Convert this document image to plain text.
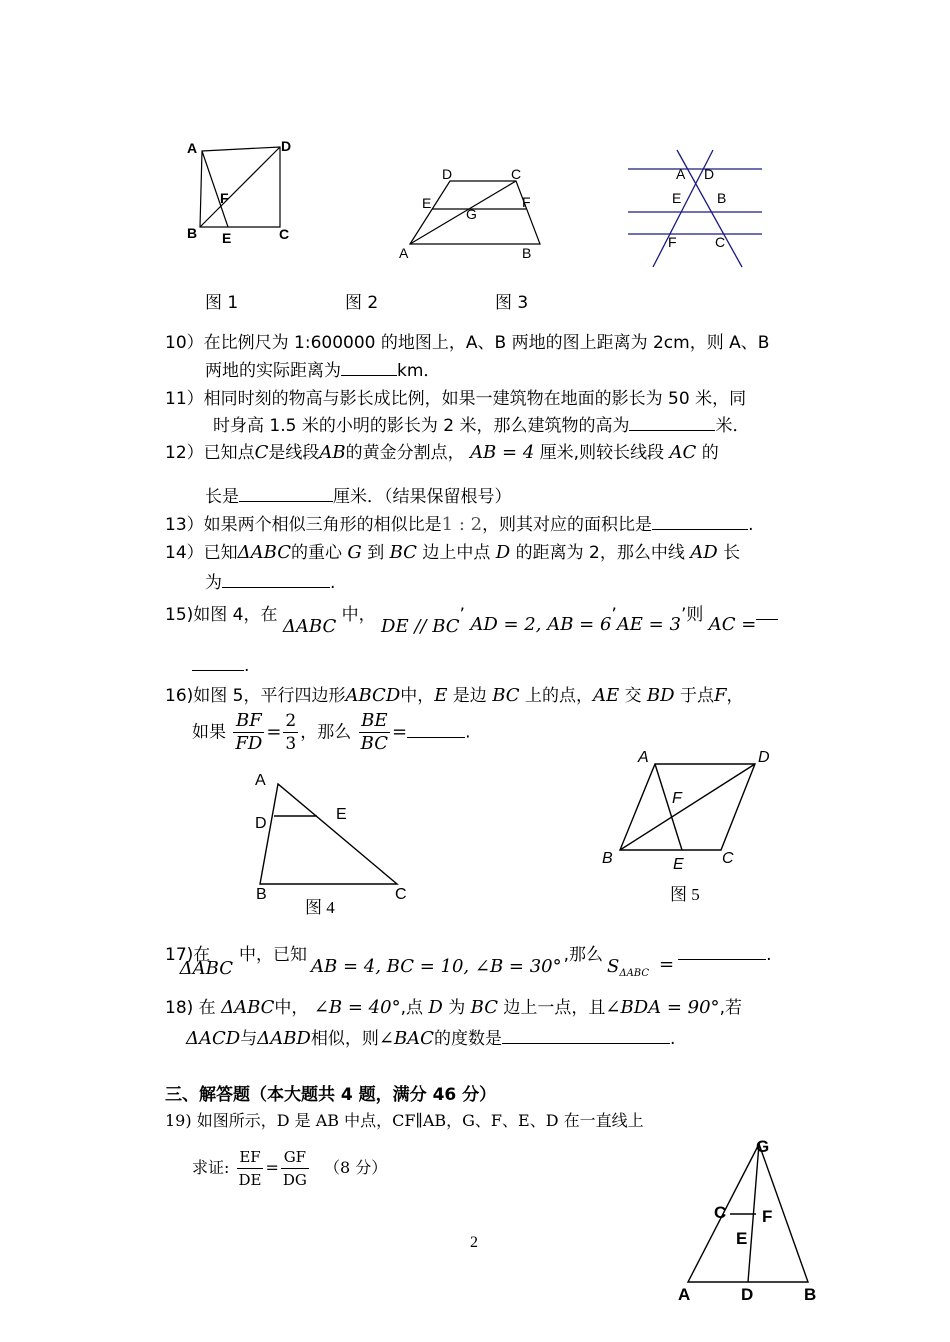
A	D
F
B E	C
D	C
E	F
G
A	B
A D
E	B
F	C
图 1	图 2	图 3
10）在比例尺为 1:600000 的地图上，A、B 两地的图上距离为 2cm，则 A、B
两地的实际距离为	km．
11）相同时刻的物高与影长成比例，如果一建筑物在地面的影长为 50 米，同
时身高 1.5 米的小明的影长为 2 米，那么建筑物的高为	米．
12）已知点C是线段AB的黄金分割点， AB = 4 厘米,则较长线段 AC 的
长是	厘米．（结果保留根号）
13）如果两个相似三角形的相似比是1 : 2，则其对应的面积比是	.
14）已知ΔABC的重心 G 到 BC 边上中点 D 的距离为 2，那么中线 AD 长
为	.
15)如图 4，在 ΔABC 中， DE // BC’ AD = 2, AB = 6’AE = 3’则 AC =
.
16)如图 5，平行四边形ABCD中，E 是边 BC 上的点，AE 交 BD 于点F，
如果 $\frac{BF}{FD} = \frac{2}{3}$ ，那么 $\frac{BE}{BC}$ =	.
A
D
E
B	C
图 4
A	D
F
B	E C
图 5
17)在 ΔABC中，已知AB = 4, BC = 10, ∠B = 30°,那么$S_{\Delta ABC}$ =	.
18) 在 ΔABC中， ∠B = 40°,点 D 为 BC 边上一点，且∠BDA = 90°,若
ΔACD与ΔABD相似，则∠BAC的度数是	.
三、解答题（本大题共 4 题，满分 46 分）
19) 如图所示，D 是 AB 中点，CF∥AB，G、F、E、D 在一直线上
求证: $\frac{EF}{DE} = \frac{GF}{DG} (8$ 分）
G
C F
E
A	D	B
2
